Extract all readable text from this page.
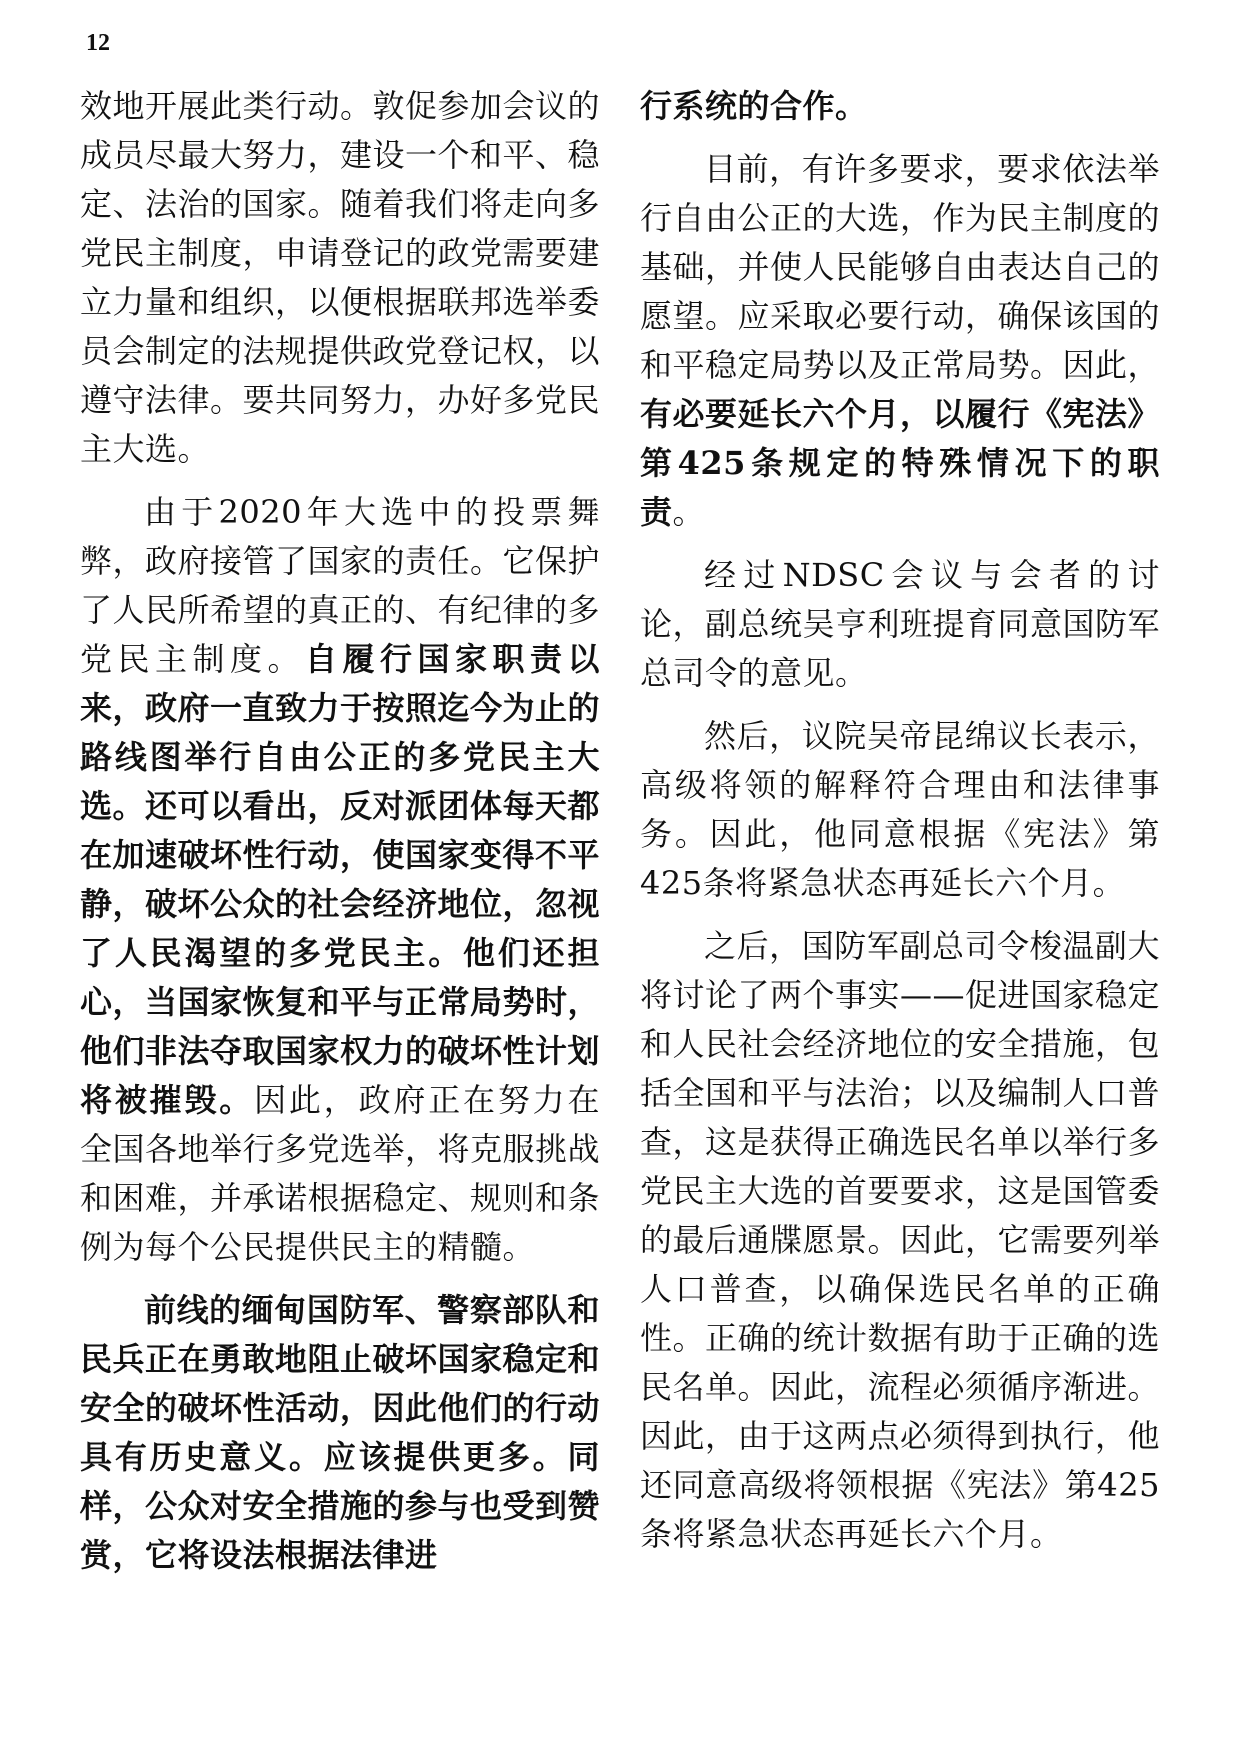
12

效地开展此类行动。敦促参加会议的成员尽最大努力，建设一个和平、稳定、法治的国家。随着我们将走向多党民主制度，申请登记的政党需要建立力量和组织，以便根据联邦选举委员会制定的法规提供政党登记权，以遵守法律。要共同努力，办好多党民主大选。

由于2020年大选中的投票舞弊，政府接管了国家的责任。它保护了人民所希望的真正的、有纪律的多党民主制度。自履行国家职责以来，政府一直致力于按照迄今为止的路线图举行自由公正的多党民主大选。还可以看出，反对派团体每天都在加速破坏性行动，使国家变得不平静，破坏公众的社会经济地位，忽视了人民渴望的多党民主。他们还担心，当国家恢复和平与正常局势时，他们非法夺取国家权力的破坏性计划将被摧毁。因此，政府正在努力在全国各地举行多党选举，将克服挑战和困难，并承诺根据稳定、规则和条例为每个公民提供民主的精髓。

前线的缅甸国防军、警察部队和民兵正在勇敢地阻止破坏国家稳定和安全的破坏性活动，因此他们的行动具有历史意义。应该提供更多。同样，公众对安全措施的参与也受到赞赏，它将设法根据法律进

行系统的合作。

目前，有许多要求，要求依法举行自由公正的大选，作为民主制度的基础，并使人民能够自由表达自己的愿望。应采取必要行动，确保该国的和平稳定局势以及正常局势。因此，有必要延长六个月，以履行《宪法》第425条规定的特殊情况下的职责。

经过NDSC会议与会者的讨论，副总统吴亨利班提育同意国防军总司令的意见。

然后，议院吴帝昆绵议长表示，高级将领的解释符合理由和法律事务。因此，他同意根据《宪法》第425条将紧急状态再延长六个月。

之后，国防军副总司令梭温副大将讨论了两个事实——促进国家稳定和人民社会经济地位的安全措施，包括全国和平与法治；以及编制人口普查，这是获得正确选民名单以举行多党民主大选的首要要求，这是国管委的最后通牒愿景。因此，它需要列举人口普查，以确保选民名单的正确性。正确的统计数据有助于正确的选民名单。因此，流程必须循序渐进。因此，由于这两点必须得到执行，他还同意高级将领根据《宪法》第425条将紧急状态再延长六个月。
